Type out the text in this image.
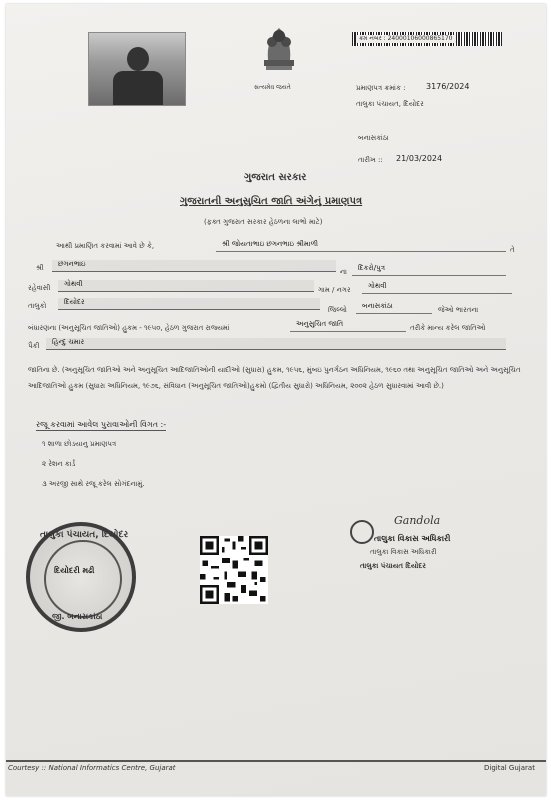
સત્યમેવ જયતે
ક્રમ નંબર : 24000106000865170
પ્રમાણપત્ર ક્રમાંક :	3176/2024
તાલુકા પંચાયત, દિયોદર
બનાસકાંઠા
તારીખ :: 21/03/2024
ગુજરાત સરકાર
ગુજરાતની અનુસુચિત જાતિ અંગેનું પ્રમાણપત્ર
(ફક્ત ગુજરાત સરકાર હેઠળના લાભો માટે)
આથી પ્રમાણિત કરવામાં આવે છે કે,	શ્રી જોયતાભાઇ છગનભાઇ શ્રીમાળી
તે
શ્રી	છગનભાઇ
ના	દિકરો/પુત્ર
રહેવાસી	ગોથવી
ગામ / નગર	ગોથવી
તાલુકો	દિયોદર
જિલ્લો	બનાસકાંઠા	જેઓ ભારતના
બંધારણના (અનુસૂચિત જાતિઓ) હુકમ - ૧૯૫૦, હેઠળ ગુજરાત રાજ્યમાં	અનુસુચિત જાતિ	તરીકે માન્ય કરેલ જાતિઓ
પૈકી	હિન્દુ ચમાર
જાતિના છે. (અનુસૂચિત જાતિઓ અને અનુસૂચિત આદિજાતિઓની યાદીઓ (સુધારા) હુકમ, ૧૯૫૬, મુંબઇ પુનર્ગઠન અધિનિયમ, ૧૯૬૦ તથા અનુસૂચિત જાતિઓ અને અનુસૂચિત આદિજાતિઓ હુકમ (સુધારા અધિનિયમ, ૧૯૭૬, સંવિધાન (અનુસૂચિત જાતિઓ)હુકમો (દ્વિતીય સુધારો) અધિનિયમ, ૨૦૦૨ હેઠળ સુધારવામાં આવી છે.)
રજૂ કરવામાં આવેલ પુરાવાઓની વિગત :-
૧ શાળા છોડયાનુ પ્રમાણપત્ર
૨ રેશન કાર્ડ
૩ અરજી સાથે રજૂ કરેલ સોગંદનામું.
તાલુકા પંચાયત, દિયોદર
દિયોદરી મઢી
જી. બનાસકાંઠા
Gandola
તાલુકા વિકાસ અધિકારી
તાલુકા વિકાસ અધિકારી
તાલુકા પંચાયત દિયોદર
Courtesy :: National Informatics Centre, Gujarat	Digital Gujarat
